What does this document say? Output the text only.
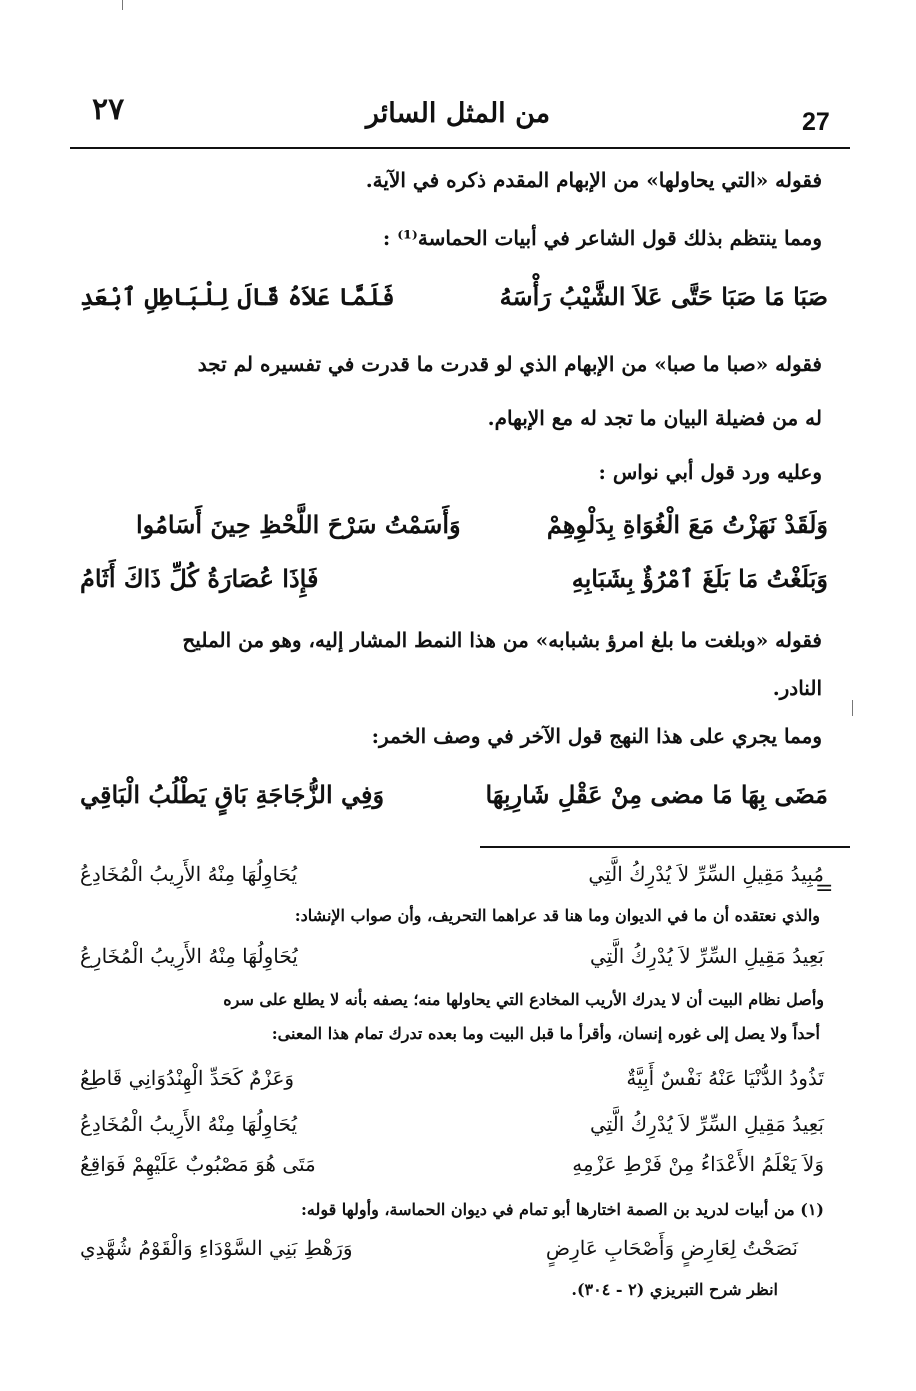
٢٧	من المثل السائر	27
فقوله «التي يحاولها» من الإبهام المقدم ذكره في الآية.
ومما ينتظم بذلك قول الشاعر في أبيات الحماسة⁽¹⁾ :
صَبَا مَا صَبَا حَتَّى عَلاَ الشَّيْبُ رَأْسَهُ
فَلَمَّا عَلاَهُ قَالَ لِلْبَاطِلِ ٱبْعَدِ
فقوله «صبا ما صبا» من الإبهام الذي لو قدرت ما قدرت في تفسيره لم تجد
له من فضيلة البيان ما تجد له مع الإبهام.
وعليه ورد قول أبي نواس :
وَلَقَدْ نَهَزْتُ مَعَ الْغُوَاةِ بِدَلْوِهِمْ
وَأَسَمْتُ سَرْحَ اللَّحْظِ حِينَ أَسَامُوا
وَبَلَغْتُ مَا بَلَغَ ٱمْرُؤٌ بِشَبَابِهِ
فَإِذَا عُصَارَةُ كُلِّ ذَاكَ أَثَامُ
فقوله «وبلغت ما بلغ امرؤ بشبابه» من هذا النمط المشار إليه، وهو من المليح
النادر.
ومما يجري على هذا النهج قول الآخر في وصف الخمر:
مَضَى بِهَا مَا مضى مِنْ عَقْلِ شَارِبِهَا
وَفِي الزُّجَاجَةِ بَاقٍ يَطْلُبُ الْبَاقِي
=
مُبِيدُ مَقِيلِ السِّرِّ لاَ يُدْرِكُ الَّتِي
يُحَاوِلُهَا مِنْهُ الأَرِيبُ الْمُخَادِعُ
والذي نعتقده أن ما في الديوان وما هنا قد عراهما التحريف، وأن صواب الإنشاد:
بَعِيدُ مَقِيلِ السِّرِّ لاَ يُدْرِكُ الَّتِي
يُحَاوِلُهَا مِنْهُ الأَرِيبُ الْمُخَارِعُ
وأصل نظام البيت أن لا يدرك الأريب المخادع التي يحاولها منه؛ يصفه بأنه لا يطلع على سره
أحداً ولا يصل إلى غوره إنسان، وأقرأ ما قبل البيت وما بعده تدرك تمام هذا المعنى:
تَذُودُ الدُّنْيَا عَنْهُ نَفْسٌ أَبِيَّةٌ
وَعَزْمٌ كَحَدِّ الْهِنْدُوَانِي قَاطِعُ
بَعِيدُ مَقِيلِ السِّرِّ لاَ يُدْرِكُ الَّتِي
يُحَاوِلُهَا مِنْهُ الأَرِيبُ الْمُخَادِعُ
وَلاَ يَعْلَمُ الأَعْدَاءُ مِنْ فَرْطِ عَزْمِهِ
مَتَى هُوَ مَصْبُوبٌ عَلَيْهِمْ فَوَاقِعُ
(١) من أبيات لدريد بن الصمة اختارها أبو تمام في ديوان الحماسة، وأولها قوله:
نَصَحْتُ لِعَارِضٍ وَأَصْحَابِ عَارِضٍ
وَرَهْطِ بَنِي السَّوْدَاءِ وَالْقَوْمُ شُهَّدِي
انظر شرح التبريزي (٢ - ٣٠٤).
